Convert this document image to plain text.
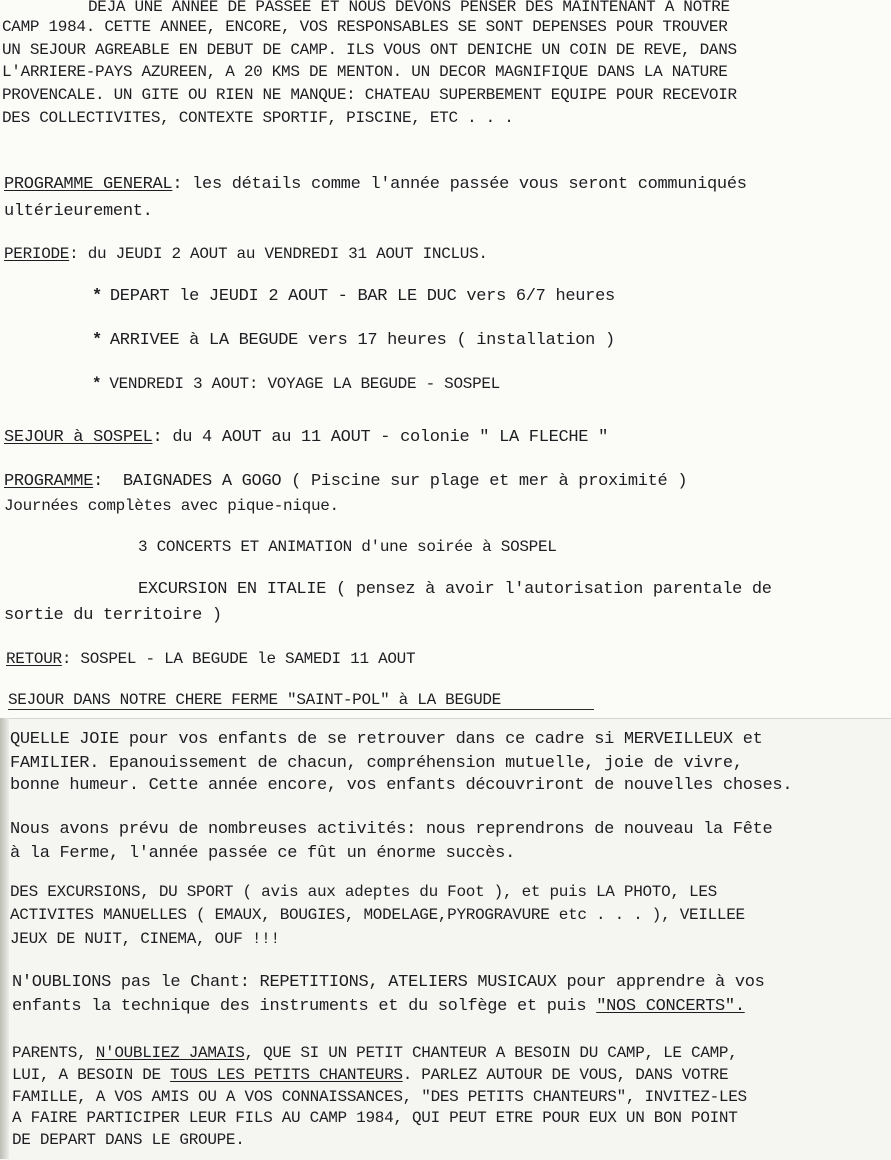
DEJA UNE ANNEE DE PASSEE ET NOUS DEVONS PENSER DES MAINTENANT A NOTRE
CAMP 1984. CETTE ANNEE, ENCORE, VOS RESPONSABLES SE SONT DEPENSES POUR TROUVER
UN SEJOUR AGREABLE EN DEBUT DE CAMP. ILS VOUS ONT DENICHE UN COIN DE REVE, DANS
L'ARRIERE-PAYS AZUREEN, A 20 KMS DE MENTON. UN DECOR MAGNIFIQUE DANS LA NATURE
PROVENCALE. UN GITE OU RIEN NE MANQUE: CHATEAU SUPERBEMENT EQUIPE POUR RECEVOIR
DES COLLECTIVITES, CONTEXTE SPORTIF, PISCINE, ETC . . .
PROGRAMME GENERAL: les détails comme l'année passée vous seront communiqués
ultérieurement.
PERIODE: du JEUDI 2 AOUT au VENDREDI 31 AOUT INCLUS.
* DEPART le JEUDI 2 AOUT - BAR LE DUC vers 6/7 heures
* ARRIVEE à LA BEGUDE vers 17 heures ( installation )
* VENDREDI 3 AOUT: VOYAGE LA BEGUDE - SOSPEL
SEJOUR à SOSPEL: du 4 AOUT au 11 AOUT - colonie " LA FLECHE "
PROGRAMME:  BAIGNADES A GOGO ( Piscine sur plage et mer à proximité )
Journées complètes avec pique-nique.
3 CONCERTS ET ANIMATION d'une soirée à SOSPEL
EXCURSION EN ITALIE ( pensez à avoir l'autorisation parentale de
sortie du territoire )
RETOUR: SOSPEL - LA BEGUDE le SAMEDI 11 AOUT
SEJOUR DANS NOTRE CHERE FERME "SAINT-POL" à LA BEGUDE
QUELLE JOIE pour vos enfants de se retrouver dans ce cadre si MERVEILLEUX et
FAMILIER. Epanouissement de chacun, compréhension mutuelle, joie de vivre,
bonne humeur. Cette année encore, vos enfants découvriront de nouvelles choses.
Nous avons prévu de nombreuses activités: nous reprendrons de nouveau la Fête
à la Ferme, l'année passée ce fût un énorme succès.
DES EXCURSIONS, DU SPORT ( avis aux adeptes du Foot ), et puis LA PHOTO, LES
ACTIVITES MANUELLES ( EMAUX, BOUGIES, MODELAGE,PYROGRAVURE etc . . . ), VEILLEE
JEUX DE NUIT, CINEMA, OUF !!!
N'OUBLIONS pas le Chant: REPETITIONS, ATELIERS MUSICAUX pour apprendre à vos
enfants la technique des instruments et du solfège et puis "NOS CONCERTS".
PARENTS, N'OUBLIEZ JAMAIS, QUE SI UN PETIT CHANTEUR A BESOIN DU CAMP, LE CAMP,
LUI, A BESOIN DE TOUS LES PETITS CHANTEURS. PARLEZ AUTOUR DE VOUS, DANS VOTRE
FAMILLE, A VOS AMIS OU A VOS CONNAISSANCES, "DES PETITS CHANTEURS", INVITEZ-LES
A FAIRE PARTICIPER LEUR FILS AU CAMP 1984, QUI PEUT ETRE POUR EUX UN BON POINT
DE DEPART DANS LE GROUPE.
